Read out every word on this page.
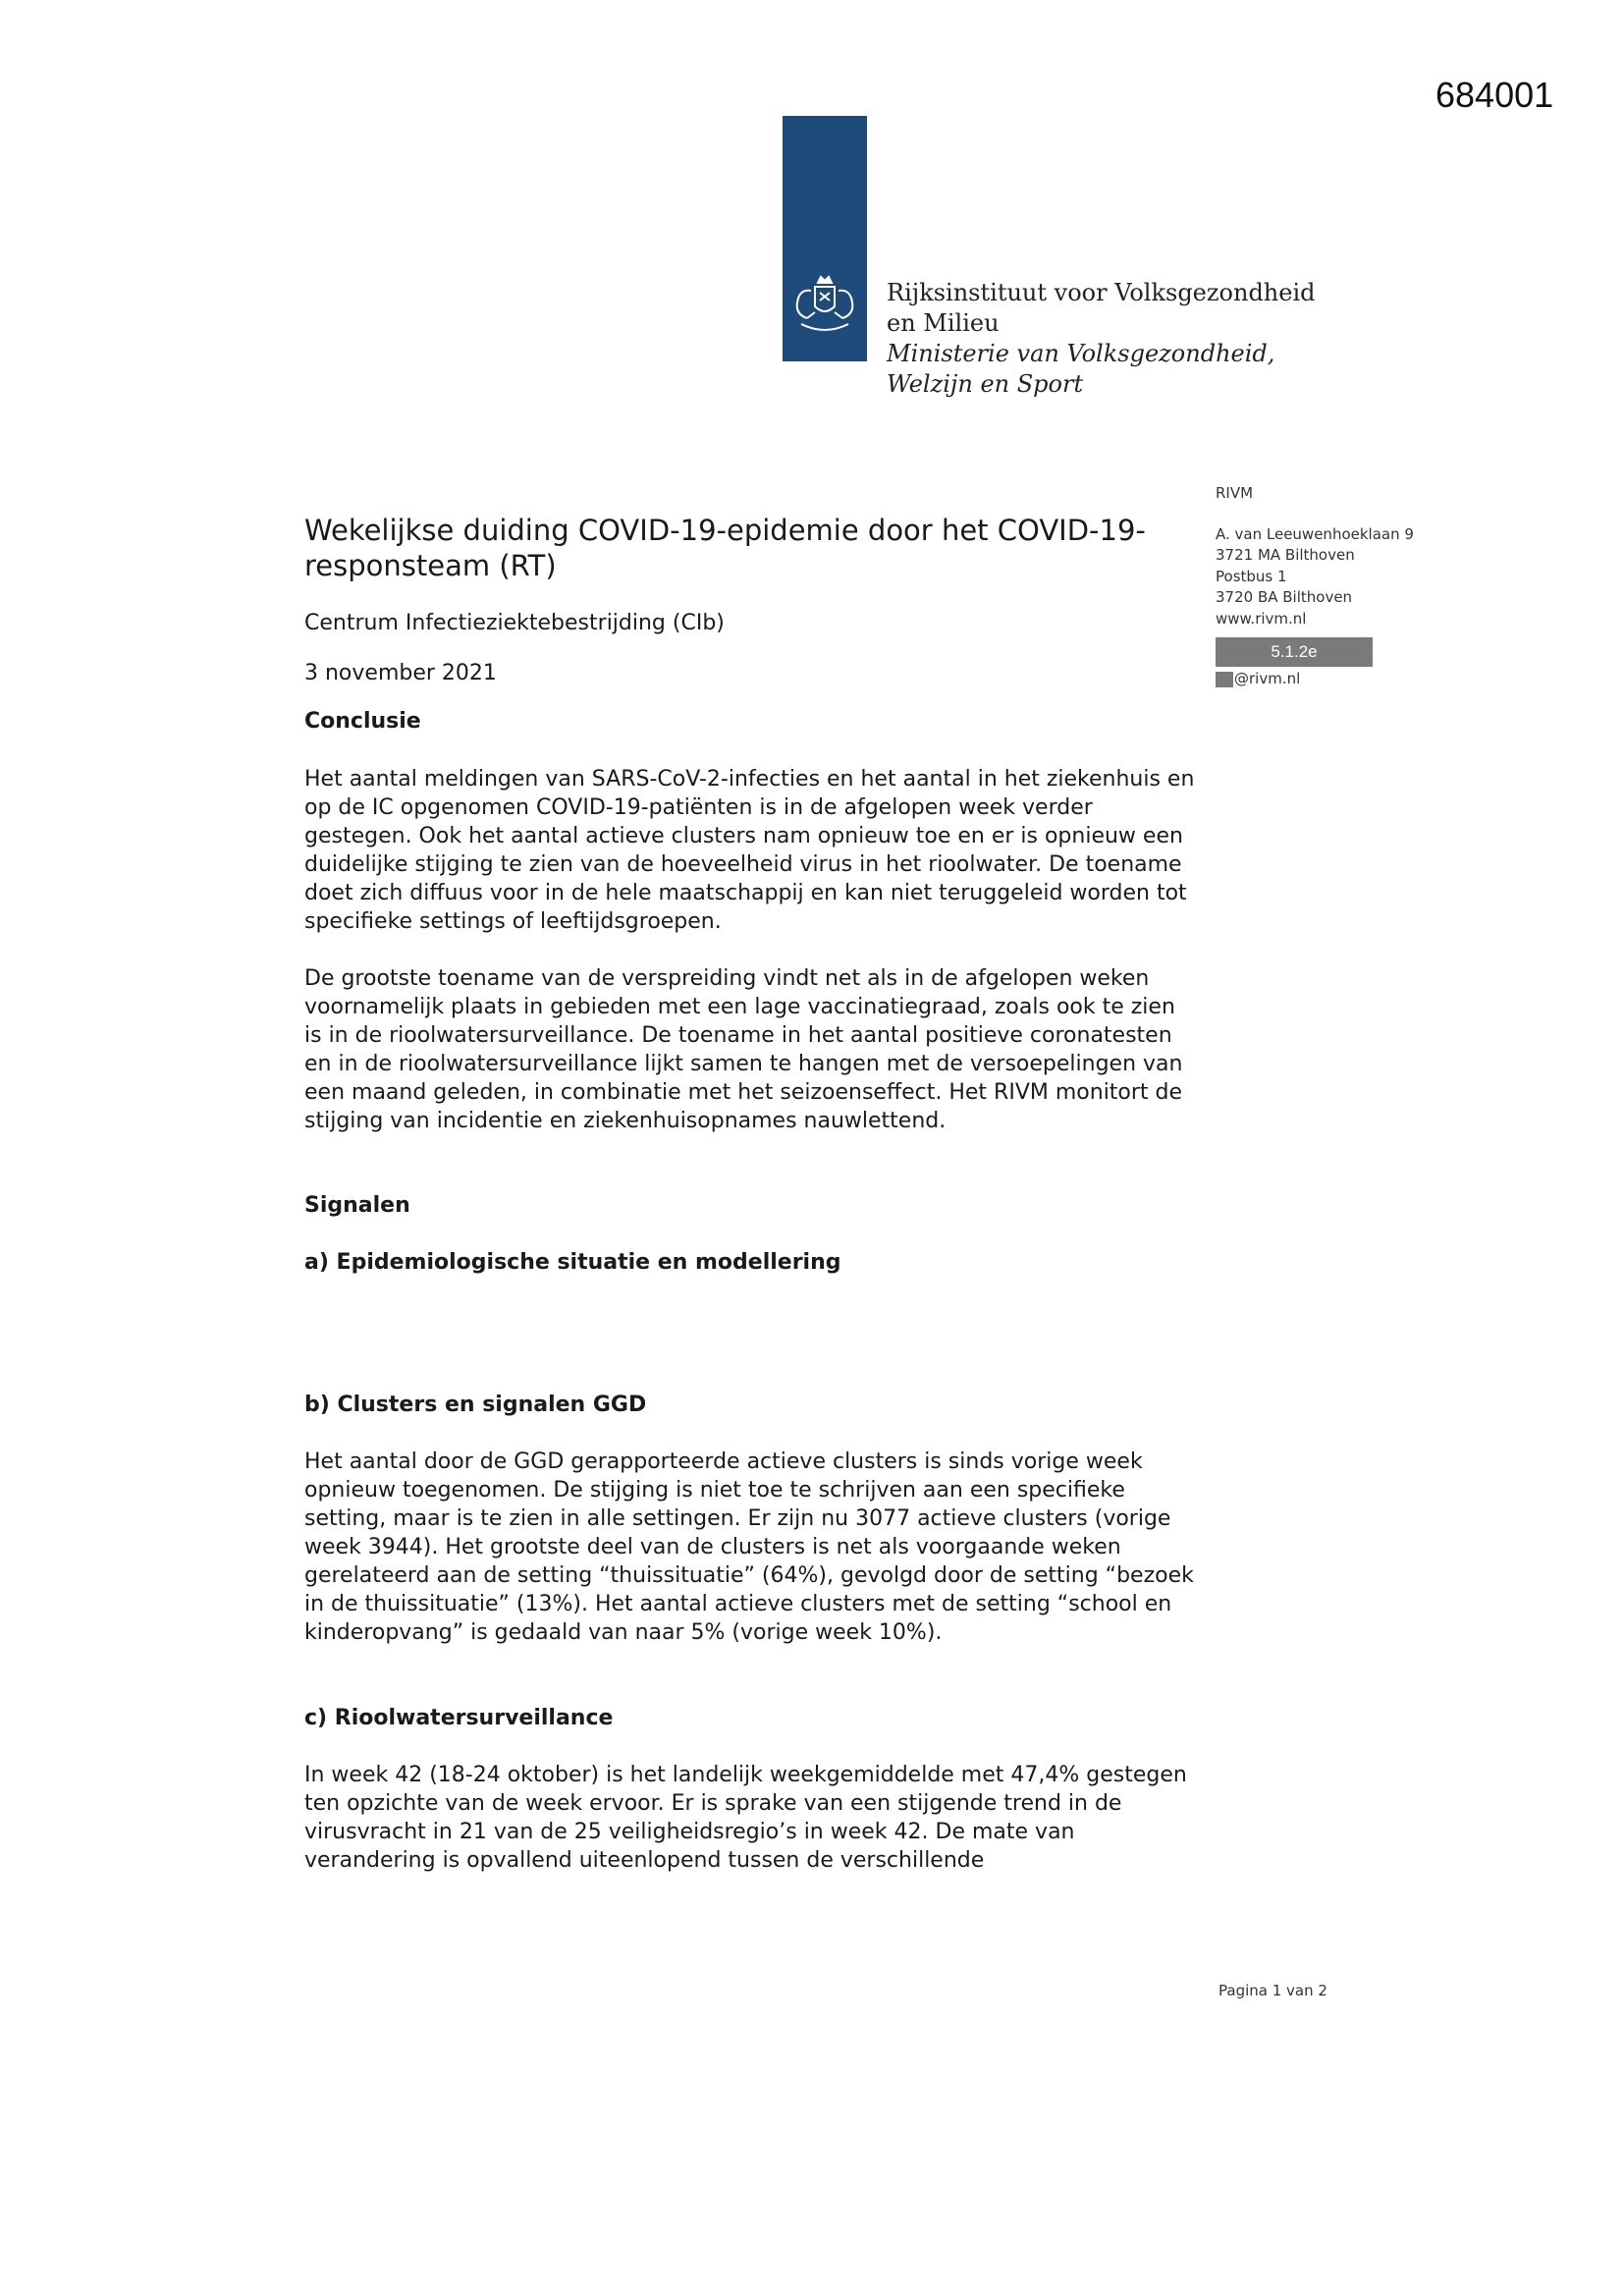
684001
Rijksinstituut voor Volksgezondheid
en Milieu
Ministerie van Volksgezondheid,
Welzijn en Sport
RIVM
A. van Leeuwenhoeklaan 9
3721 MA Bilthoven
Postbus 1
3720 BA Bilthoven
www.rivm.nl
5.1.2e
@rivm.nl
Wekelijkse duiding COVID-19-epidemie door het COVID-19-responsteam (RT)
Centrum Infectieziektebestrijding (CIb)
3 november 2021
Conclusie

Het aantal meldingen van SARS-CoV-2-infecties en het aantal in het ziekenhuis en op de IC opgenomen COVID-19-patiënten is in de afgelopen week verder gestegen. Ook het aantal actieve clusters nam opnieuw toe en er is opnieuw een duidelijke stijging te zien van de hoeveelheid virus in het rioolwater. De toename doet zich diffuus voor in de hele maatschappij en kan niet teruggeleid worden tot specifieke settings of leeftijdsgroepen.

De grootste toename van de verspreiding vindt net als in de afgelopen weken voornamelijk plaats in gebieden met een lage vaccinatiegraad, zoals ook te zien is in de rioolwatersurveillance. De toename in het aantal positieve coronatesten en in de rioolwatersurveillance lijkt samen te hangen met de versoepelingen van een maand geleden, in combinatie met het seizoenseffect. Het RIVM monitort de stijging van incidentie en ziekenhuisopnames nauwlettend.

Signalen
a) Epidemiologische situatie en modellering
b) Clusters en signalen GGD

Het aantal door de GGD gerapporteerde actieve clusters is sinds vorige week opnieuw toegenomen. De stijging is niet toe te schrijven aan een specifieke setting, maar is te zien in alle settingen. Er zijn nu 3077 actieve clusters (vorige week 3944). Het grootste deel van de clusters is net als voorgaande weken gerelateerd aan de setting “thuissituatie” (64%), gevolgd door de setting “bezoek in de thuissituatie” (13%). Het aantal actieve clusters met de setting “school en kinderopvang” is gedaald van naar 5% (vorige week 10%).

c) Rioolwatersurveillance

In week 42 (18-24 oktober) is het landelijk weekgemiddelde met 47,4% gestegen ten opzichte van de week ervoor. Er is sprake van een stijgende trend in de virusvracht in 21 van de 25 veiligheidsregio’s in week 42. De mate van verandering is opvallend uiteenlopend tussen de verschillende

Pagina 1 van 2
